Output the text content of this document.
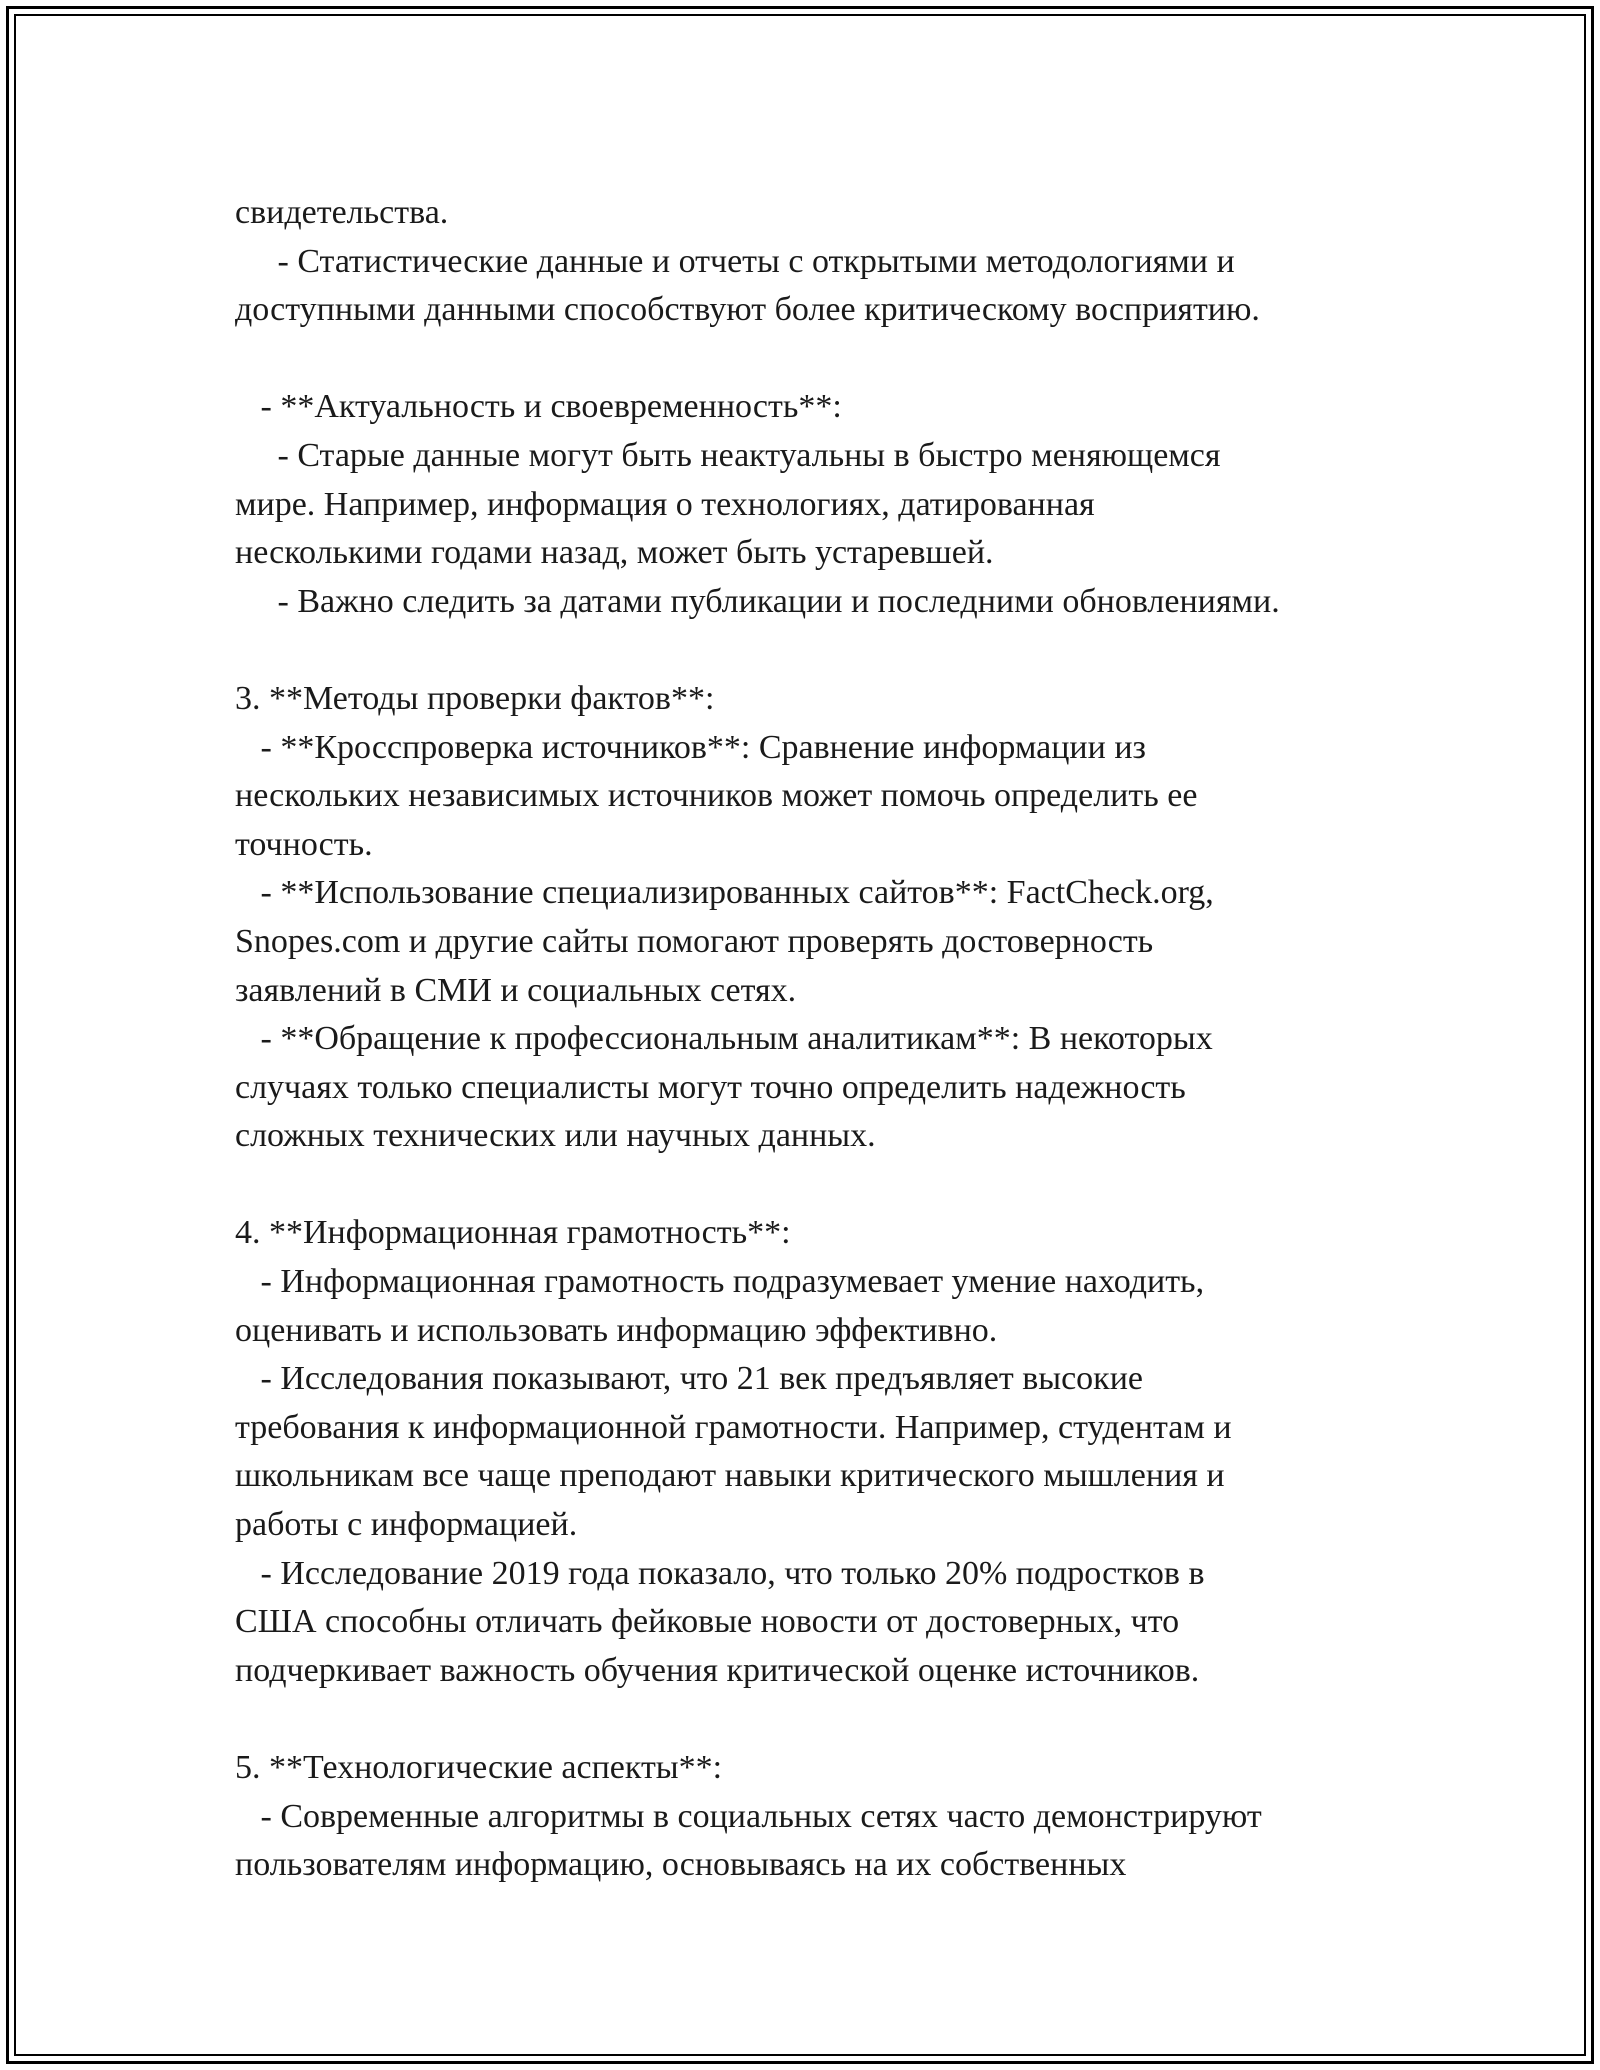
свидетельства.
- Статистические данные и отчеты с открытыми методологиями и
доступными данными способствуют более критическому восприятию.
- **Актуальность и своевременность**:
- Старые данные могут быть неактуальны в быстро меняющемся
мире. Например, информация о технологиях, датированная
несколькими годами назад, может быть устаревшей.
- Важно следить за датами публикации и последними обновлениями.
3. **Методы проверки фактов**:
- **Кросспроверка источников**: Сравнение информации из
нескольких независимых источников может помочь определить ее
точность.
- **Использование специализированных сайтов**: FactCheck.org,
Snopes.com и другие сайты помогают проверять достоверность
заявлений в СМИ и социальных сетях.
- **Обращение к профессиональным аналитикам**: В некоторых
случаях только специалисты могут точно определить надежность
сложных технических или научных данных.
4. **Информационная грамотность**:
- Информационная грамотность подразумевает умение находить,
оценивать и использовать информацию эффективно.
- Исследования показывают, что 21 век предъявляет высокие
требования к информационной грамотности. Например, студентам и
школьникам все чаще преподают навыки критического мышления и
работы с информацией.
- Исследование 2019 года показало, что только 20% подростков в
США способны отличать фейковые новости от достоверных, что
подчеркивает важность обучения критической оценке источников.
5. **Технологические аспекты**:
- Современные алгоритмы в социальных сетях часто демонстрируют
пользователям информацию, основываясь на их собственных
